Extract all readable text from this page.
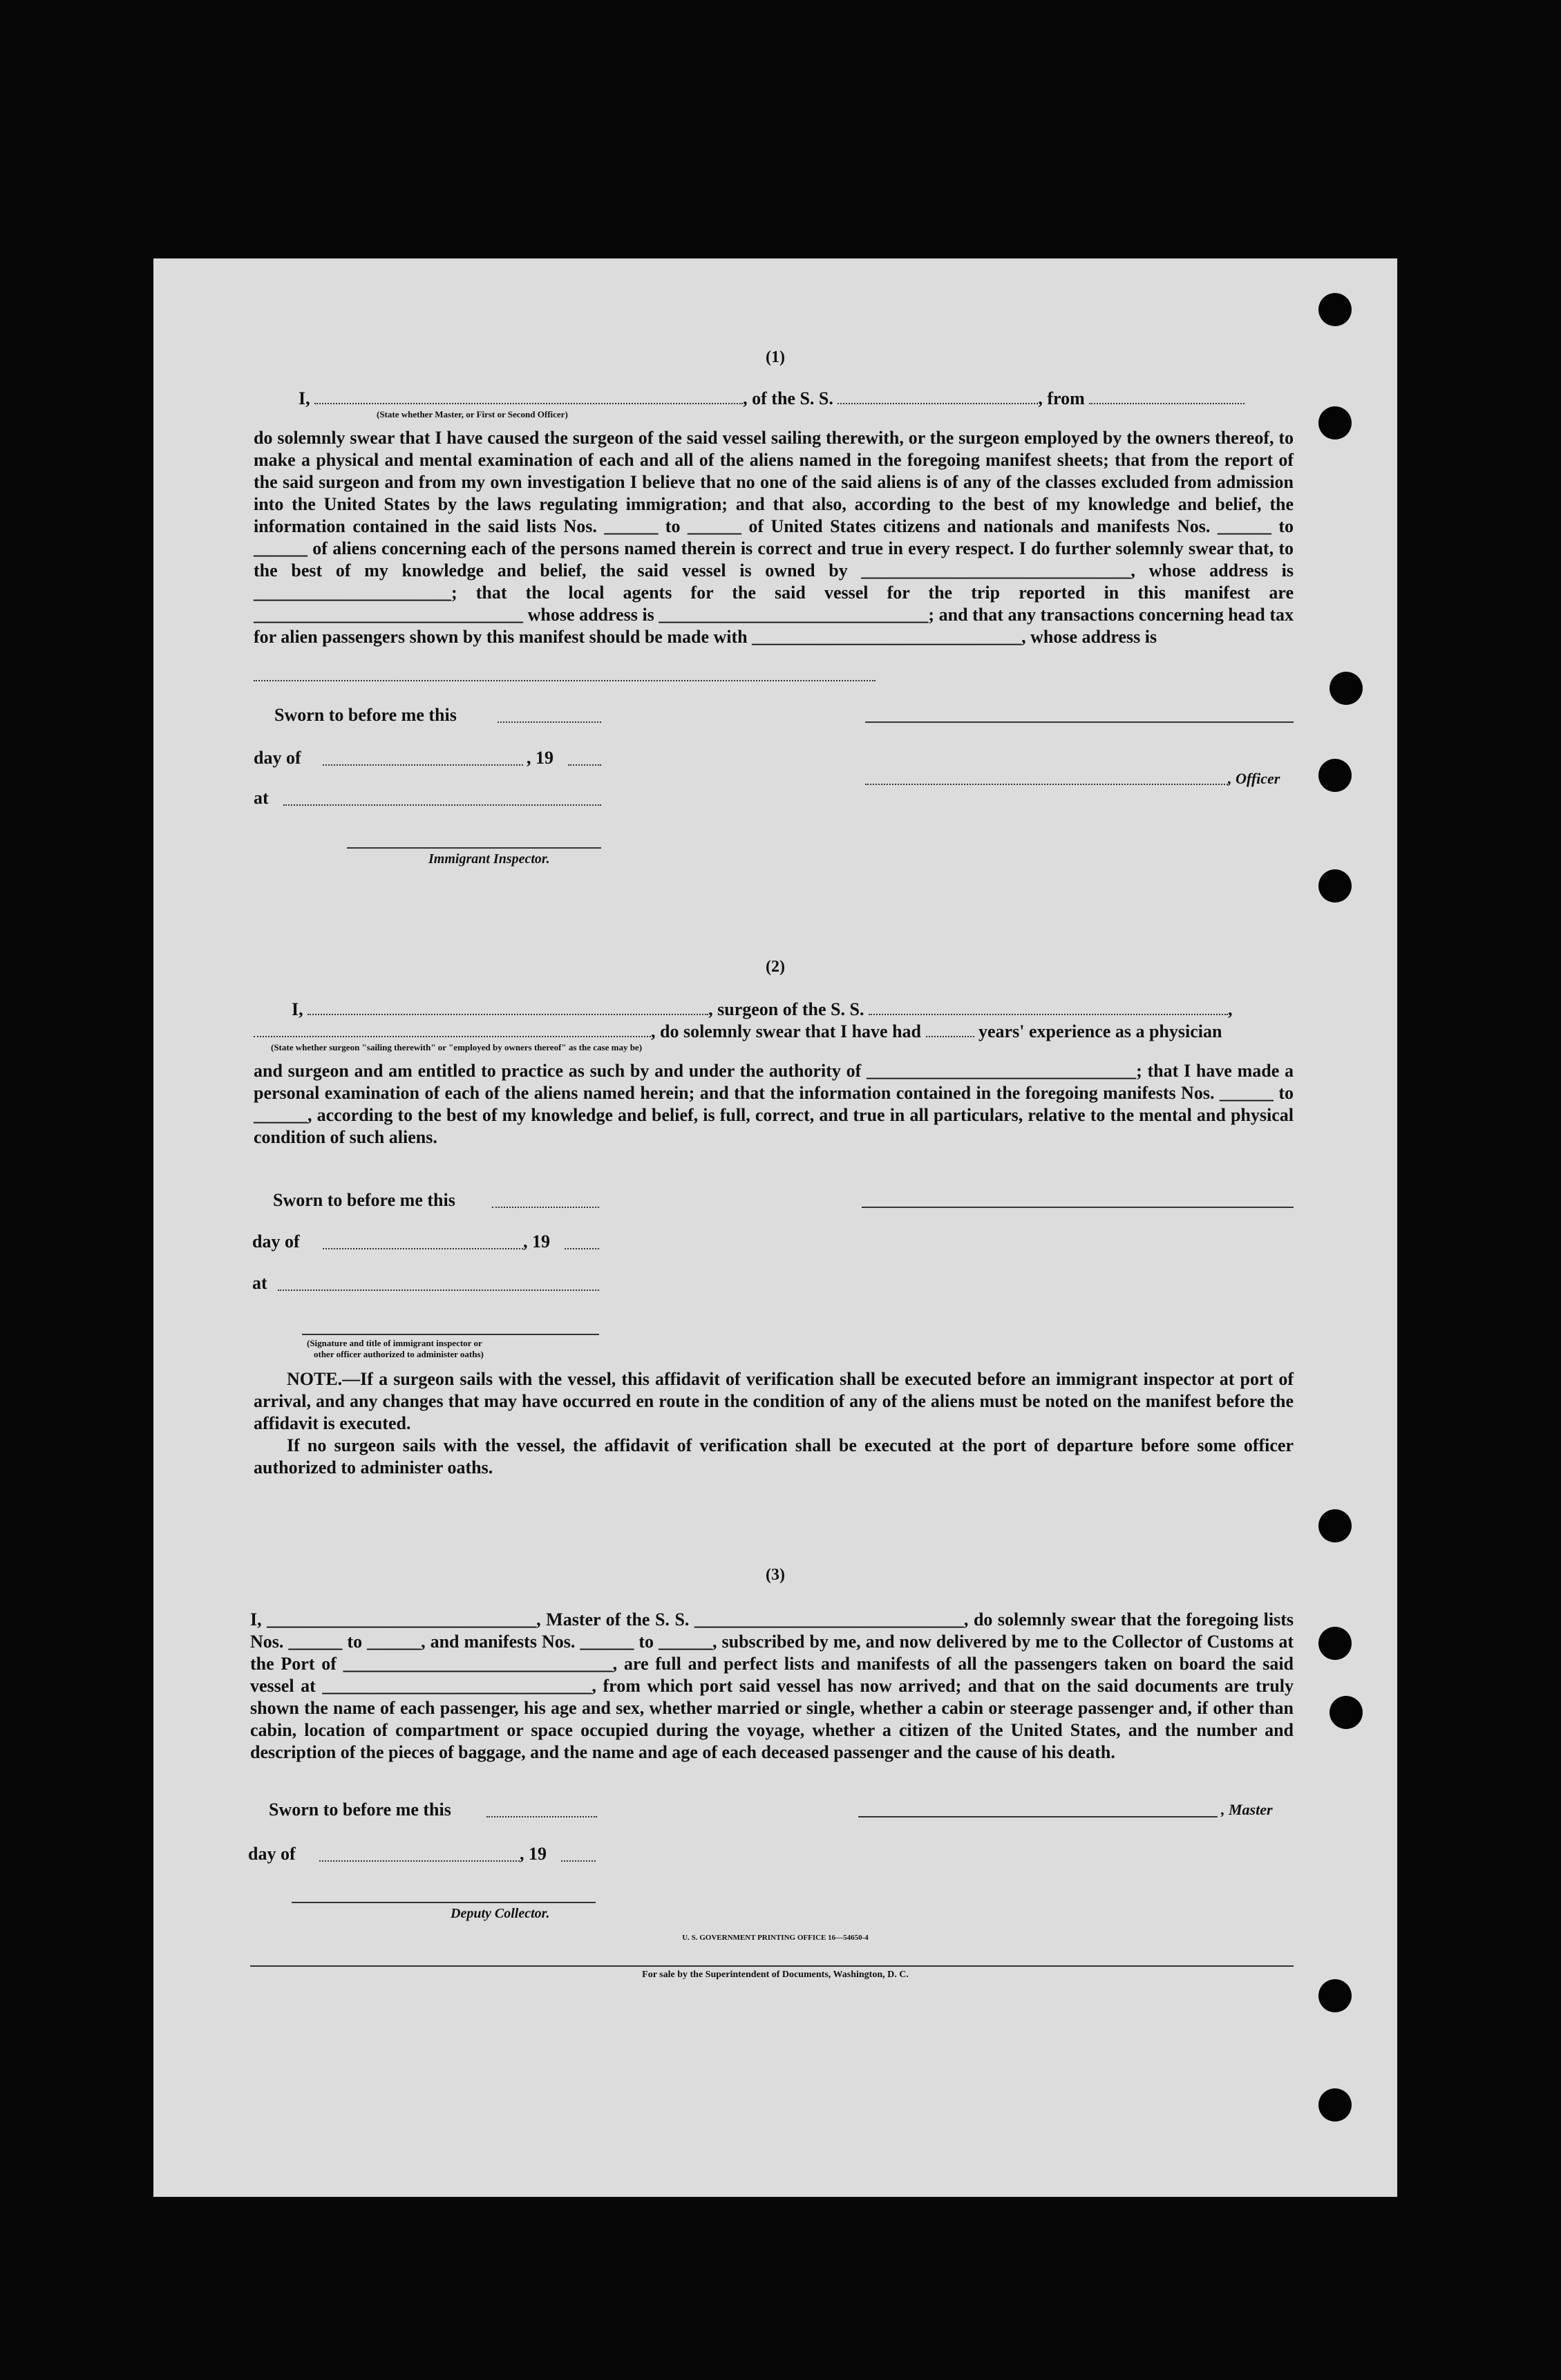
(1)
I,	, of the S. S.	, from
(State whether Master, or First or Second Officer)
do solemnly swear that I have caused the surgeon of the said vessel sailing therewith, or the surgeon employed by the owners thereof, to make a physical and mental examination of each and all of the aliens named in the foregoing manifest sheets; that from the report of the said surgeon and from my own investigation I believe that no one of the said aliens is of any of the classes excluded from admission into the United States by the laws regulating immigration; and that also, according to the best of my knowledge and belief, the information contained in the said lists Nos. ______ to ______ of United States citizens and nationals and manifests Nos. ______ to ______ of aliens concerning each of the persons named therein is correct and true in every respect. I do further solemnly swear that, to the best of my knowledge and belief, the said vessel is owned by ______________________________, whose address is ______________________; that the local agents for the said vessel for the trip reported in this manifest are ______________________________ whose address is ______________________________; and that any transactions concerning head tax for alien passengers shown by this manifest should be made with ______________________________, whose address is
Sworn to before me this
day of	, 19
, Officer
at
Immigrant Inspector.
(2)
I,	, surgeon of the S. S.	,
, do solemnly swear that I have had	years' experience as a physician
(State whether surgeon "sailing therewith" or "employed by owners thereof" as the case may be)
and surgeon and am entitled to practice as such by and under the authority of ______________________________; that I have made a personal examination of each of the aliens named herein; and that the information contained in the foregoing manifests Nos. ______ to ______, according to the best of my knowledge and belief, is full, correct, and true in all particulars, relative to the mental and physical condition of such aliens.
Sworn to before me this
day of	, 19
at
(Signature and title of immigrant inspector or
other officer authorized to administer oaths)
NOTE.—If a surgeon sails with the vessel, this affidavit of verification shall be executed before an immigrant inspector at port of arrival, and any changes that may have occurred en route in the condition of any of the aliens must be noted on the manifest before the affidavit is executed.
If no surgeon sails with the vessel, the affidavit of verification shall be executed at the port of departure before some officer authorized to administer oaths.
(3)
I, ______________________________, Master of the S. S. ______________________________, do solemnly swear that the foregoing lists Nos. ______ to ______, and manifests Nos. ______ to ______, subscribed by me, and now delivered by me to the Collector of Customs at the Port of ______________________________, are full and perfect lists and manifests of all the passengers taken on board the said vessel at ______________________________, from which port said vessel has now arrived; and that on the said documents are truly shown the name of each passenger, his age and sex, whether married or single, whether a cabin or steerage passenger and, if other than cabin, location of compartment or space occupied during the voyage, whether a citizen of the United States, and the number and description of the pieces of baggage, and the name and age of each deceased passenger and the cause of his death.
Sworn to before me this	, Master
day of	, 19
Deputy Collector.
U. S. GOVERNMENT PRINTING OFFICE 16—54650-4
For sale by the Superintendent of Documents, Washington, D. C.
